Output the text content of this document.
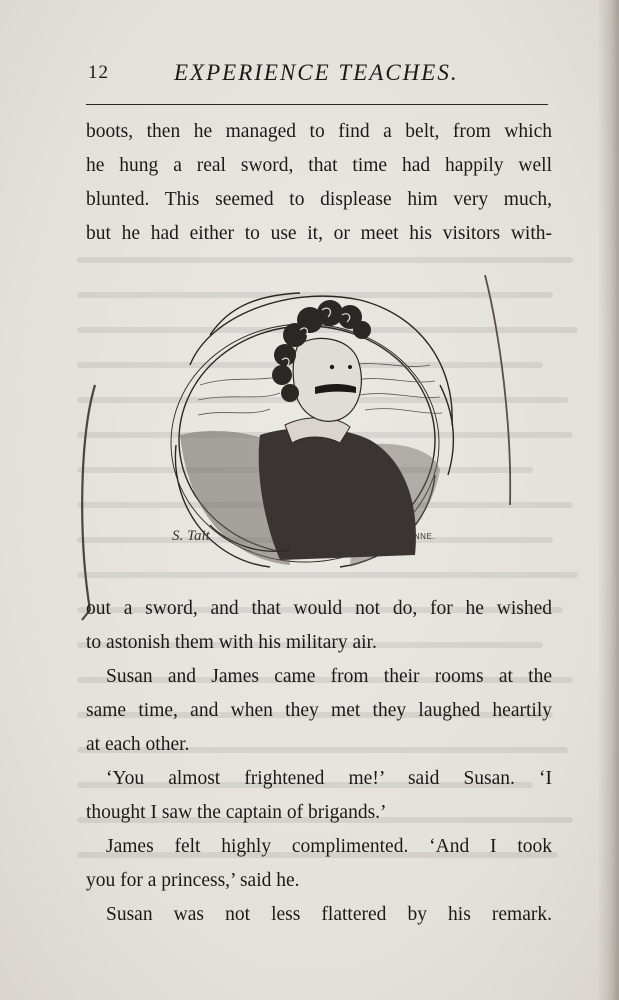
12	EXPERIENCE TEACHES.
boots, then he managed to find a belt, from which
he hung a real sword, that time had happily well
blunted. This seemed to displease him very much,
but he had either to use it, or meet his visitors with-
S. Tait	MINNE.
out a sword, and that would not do, for he wished
to astonish them with his military air.
Susan and James came from their rooms at the
same time, and when they met they laughed heartily
at each other.
‘You almost frightened me!’ said Susan. ‘I
thought I saw the captain of brigands.’
James felt highly complimented. ‘And I took
you for a princess,’ said he.
Susan was not less flattered by his remark.
